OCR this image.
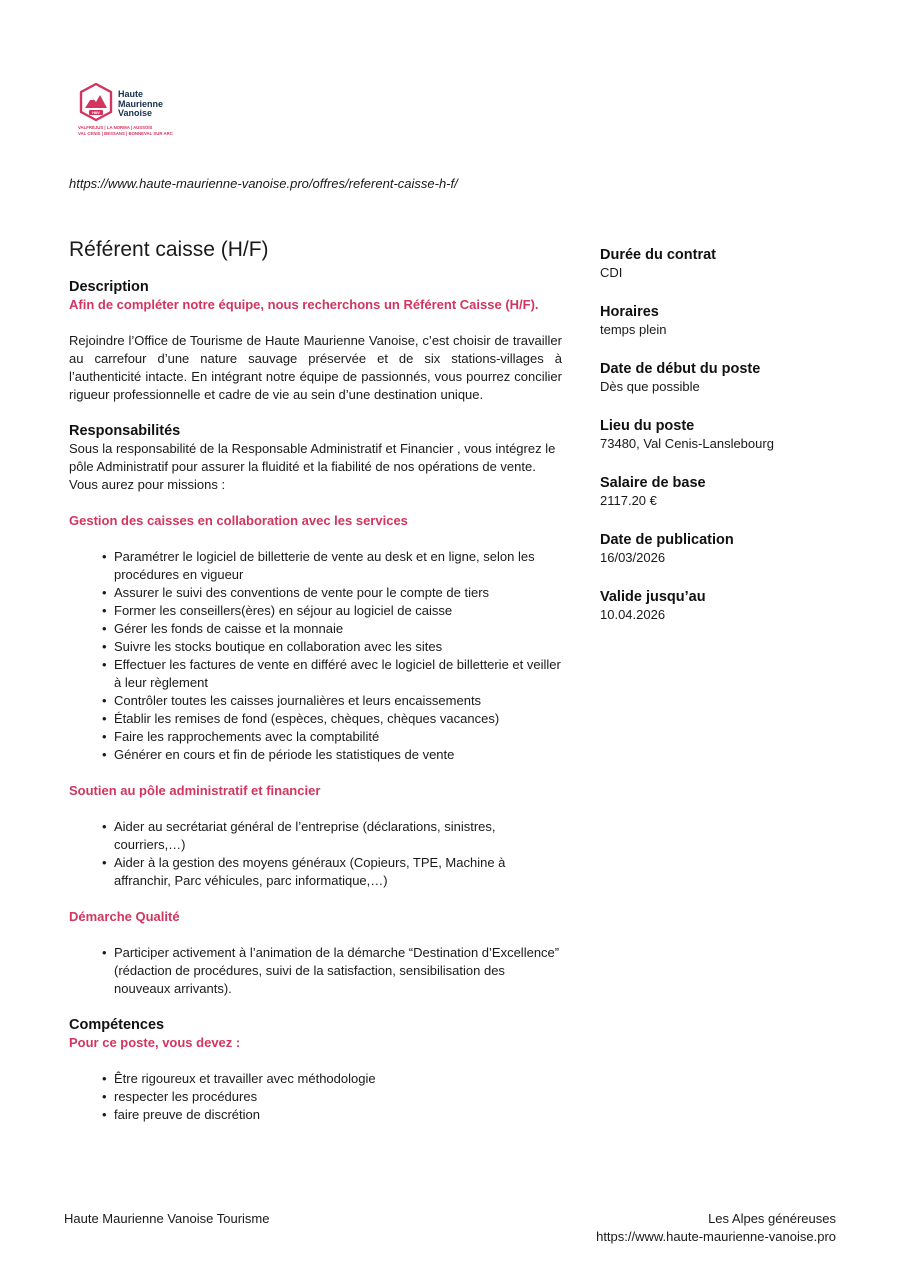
HMV
Haute
Maurienne
Vanoise
VALFRÉJUS | LA NORMA | AUSSOIS
VAL CENIS | BESSANS | BONNEVAL SUR ARC
https://www.haute-maurienne-vanoise.pro/offres/referent-caisse-h-f/
Référent caisse (H/F)
Description
Afin de compléter notre équipe, nous recherchons un Référent Caisse (H/F).

Rejoindre l’Office de Tourisme de Haute Maurienne Vanoise, c’est choisir de travailler au carrefour d’une nature sauvage préservée et de six stations-villages à l’authenticité intacte. En intégrant notre équipe de passionnés, vous pourrez concilier rigueur professionnelle et cadre de vie au sein d’une destination unique.

Responsabilités

Sous la responsabilité de la Responsable Administratif et Financier , vous intégrez le pôle Administratif pour assurer la fluidité et la fiabilité de nos opérations de vente. Vous aurez pour missions :

Gestion des caisses en collaboration avec les services
• Paramétrer le logiciel de billetterie de vente au desk et en ligne, selon les procédures en vigueur
• Assurer le suivi des conventions de vente pour le compte de tiers
• Former les conseillers(ères) en séjour au logiciel de caisse
• Gérer les fonds de caisse et la monnaie
• Suivre les stocks boutique en collaboration avec les sites
• Effectuer les factures de vente en différé avec le logiciel de billetterie et veiller à leur règlement
• Contrôler toutes les caisses journalières et leurs encaissements
• Établir les remises de fond (espèces, chèques, chèques vacances)
• Faire les rapprochements avec la comptabilité
• Générer en cours et fin de période les statistiques de vente
Soutien au pôle administratif et financier
• Aider au secrétariat général de l’entreprise (déclarations, sinistres, courriers,…)
• Aider à la gestion des moyens généraux (Copieurs, TPE, Machine à affranchir, Parc véhicules, parc informatique,…)
Démarche Qualité
• Participer activement à l’animation de la démarche “Destination d’Excellence” (rédaction de procédures, suivi de la satisfaction, sensibilisation des nouveaux arrivants).
Compétences
Pour ce poste, vous devez :
• Être rigoureux et travailler avec méthodologie
• respecter les procédures
• faire preuve de discrétion
Durée du contrat
CDI
Horaires
temps plein
Date de début du poste
Dès que possible
Lieu du poste
73480, Val Cenis-Lanslebourg
Salaire de base
2117.20 €
Date de publication
16/03/2026
Valide jusqu’au
10.04.2026
Haute Maurienne Vanoise Tourisme	Les Alpes généreuses
https://www.haute-maurienne-vanoise.pro
